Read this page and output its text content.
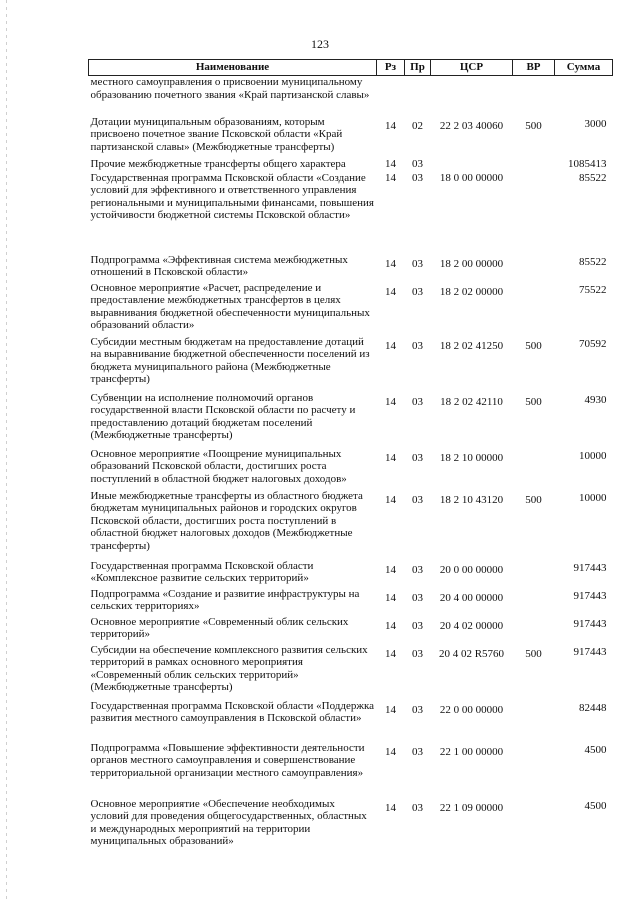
123
Наименование	Рз	Пр	ЦСР	ВР	Сумма
местного самоуправления о присвоении муниципальному образованию почетного звания «Край партизанской славы»					
Дотации муниципальным образованиям, которым присвоено почетное звание Псковской области «Край партизанской славы» (Межбюджетные трансферты)	14	02	22 2 03 40060	500	3000
Прочие межбюджетные трансферты общего характера	14	03			1085413
Государственная программа Псковской области «Создание условий для эффективного и ответственного управления региональными и муниципальными финансами, повышения устойчивости бюджетной системы Псковской области»	14	03	18 0 00 00000		85522
Подпрограмма «Эффективная система межбюджетных отношений в Псковской области»	14	03	18 2 00 00000		85522
Основное мероприятие «Расчет, распределение и предоставление межбюджетных трансфертов в целях выравнивания бюджетной обеспеченности муниципальных образований области»	14	03	18 2 02 00000		75522
Субсидии местным бюджетам на предоставление дотаций на выравнивание бюджетной обеспеченности поселений из бюджета муниципального района (Межбюджетные трансферты)	14	03	18 2 02 41250	500	70592
Субвенции на исполнение полномочий органов государственной власти Псковской области по расчету и предоставлению дотаций бюджетам поселений (Межбюджетные трансферты)	14	03	18 2 02 42110	500	4930
Основное мероприятие «Поощрение муниципальных образований Псковской области, достигших роста поступлений в областной бюджет налоговых доходов»	14	03	18 2 10 00000		10000
Иные межбюджетные трансферты из областного бюджета бюджетам муниципальных районов и городских округов Псковской области, достигших роста поступлений в областной бюджет налоговых доходов (Межбюджетные трансферты)	14	03	18 2 10 43120	500	10000
Государственная программа Псковской области «Комплексное развитие сельских территорий»	14	03	20 0 00 00000		917443
Подпрограмма «Создание и развитие инфраструктуры на сельских территориях»	14	03	20 4 00 00000		917443
Основное мероприятие «Современный облик сельских территорий»	14	03	20 4 02 00000		917443
Субсидии на обеспечение комплексного развития сельских территорий в рамках основного мероприятия «Современный облик сельских территорий» (Межбюджетные трансферты)	14	03	20 4 02 R5760	500	917443
Государственная программа Псковской области «Поддержка развития местного самоуправления в Псковской области»	14	03	22 0 00 00000		82448
Подпрограмма «Повышение эффективности деятельности органов местного самоуправления и совершенствование территориальной организации местного самоуправления»	14	03	22 1 00 00000		4500
Основное мероприятие «Обеспечение необходимых условий для проведения общегосударственных, областных и международных мероприятий на территории муниципальных образований»	14	03	22 1 09 00000		4500
